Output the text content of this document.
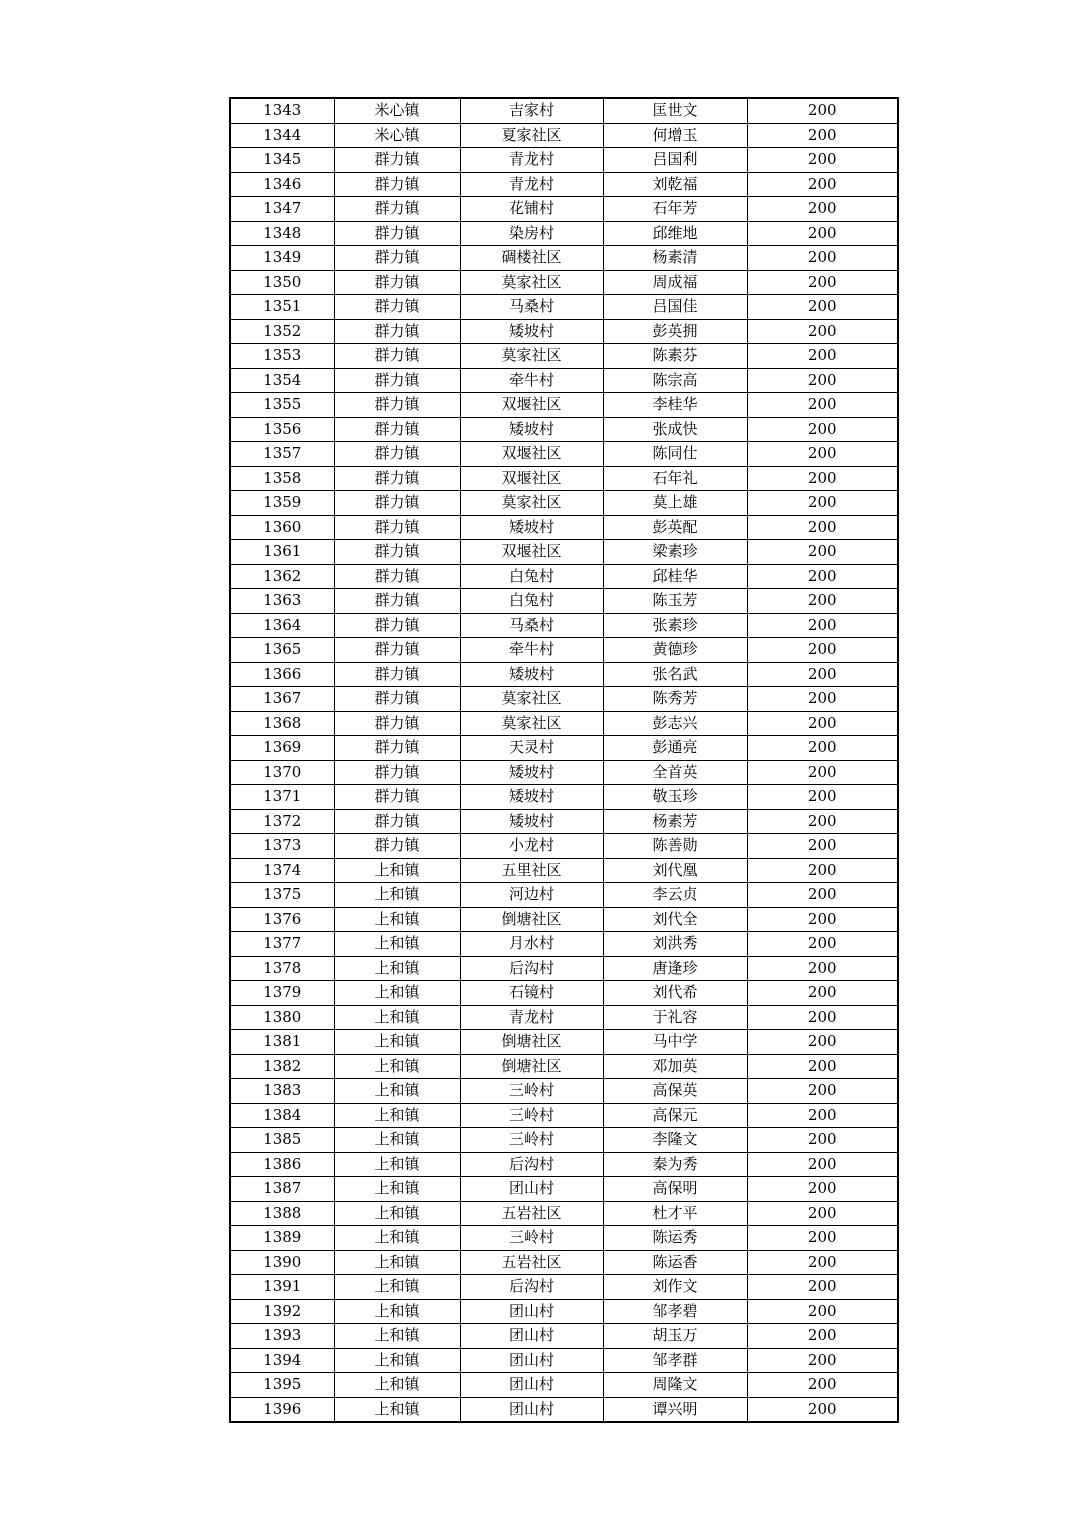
1343	米心镇	吉家村	匡世文	200
1344	米心镇	夏家社区	何增玉	200
1345	群力镇	青龙村	吕国利	200
1346	群力镇	青龙村	刘乾福	200
1347	群力镇	花铺村	石年芳	200
1348	群力镇	染房村	邱维地	200
1349	群力镇	碉楼社区	杨素清	200
1350	群力镇	莫家社区	周成福	200
1351	群力镇	马桑村	吕国佳	200
1352	群力镇	矮坡村	彭英拥	200
1353	群力镇	莫家社区	陈素芬	200
1354	群力镇	牵牛村	陈宗高	200
1355	群力镇	双堰社区	李桂华	200
1356	群力镇	矮坡村	张成快	200
1357	群力镇	双堰社区	陈同仕	200
1358	群力镇	双堰社区	石年礼	200
1359	群力镇	莫家社区	莫上雄	200
1360	群力镇	矮坡村	彭英配	200
1361	群力镇	双堰社区	梁素珍	200
1362	群力镇	白兔村	邱桂华	200
1363	群力镇	白兔村	陈玉芳	200
1364	群力镇	马桑村	张素珍	200
1365	群力镇	牵牛村	黄德珍	200
1366	群力镇	矮坡村	张名武	200
1367	群力镇	莫家社区	陈秀芳	200
1368	群力镇	莫家社区	彭志兴	200
1369	群力镇	天灵村	彭通亮	200
1370	群力镇	矮坡村	全首英	200
1371	群力镇	矮坡村	敬玉珍	200
1372	群力镇	矮坡村	杨素芳	200
1373	群力镇	小龙村	陈善勋	200
1374	上和镇	五里社区	刘代凰	200
1375	上和镇	河边村	李云贞	200
1376	上和镇	倒塘社区	刘代全	200
1377	上和镇	月水村	刘洪秀	200
1378	上和镇	后沟村	唐逢珍	200
1379	上和镇	石镜村	刘代希	200
1380	上和镇	青龙村	于礼容	200
1381	上和镇	倒塘社区	马中学	200
1382	上和镇	倒塘社区	邓加英	200
1383	上和镇	三岭村	高保英	200
1384	上和镇	三岭村	高保元	200
1385	上和镇	三岭村	李隆文	200
1386	上和镇	后沟村	秦为秀	200
1387	上和镇	团山村	高保明	200
1388	上和镇	五岩社区	杜才平	200
1389	上和镇	三岭村	陈运秀	200
1390	上和镇	五岩社区	陈运香	200
1391	上和镇	后沟村	刘作文	200
1392	上和镇	团山村	邹孝碧	200
1393	上和镇	团山村	胡玉万	200
1394	上和镇	团山村	邹孝群	200
1395	上和镇	团山村	周隆文	200
1396	上和镇	团山村	谭兴明	200
